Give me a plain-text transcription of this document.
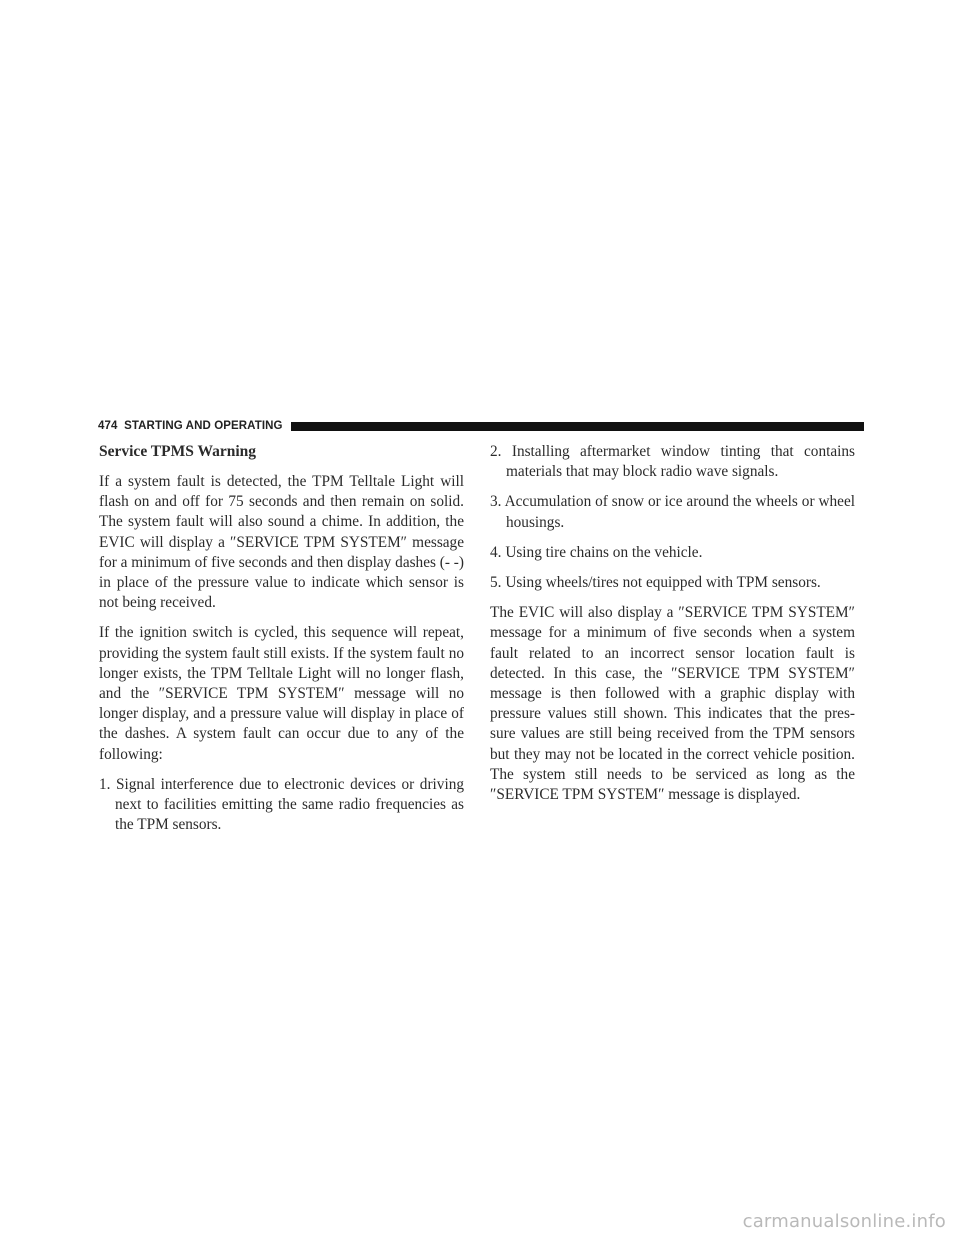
474 STARTING AND OPERATING
Service TPMS Warning

If a system fault is detected, the TPM Telltale Light will flash on and off for 75 seconds and then remain on solid. The system fault will also sound a chime. In addition, the EVIC will display a ″SERVICE TPM SYSTEM″ message for a minimum of five seconds and then display dashes (- -) in place of the pressure value to indicate which sensor is not being received.

If the ignition switch is cycled, this sequence will repeat, providing the system fault still exists. If the system fault no longer exists, the TPM Telltale Light will no longer flash, and the ″SERVICE TPM SYSTEM″ message will no longer display, and a pressure value will display in place of the dashes. A system fault can occur due to any of the following:

1. Signal interference due to electronic devices or driving next to facilities emitting the same radio frequencies as the TPM sensors.
2. Installing aftermarket window tinting that contains materials that may block radio wave signals.
3. Accumulation of snow or ice around the wheels or wheel housings.
4. Using tire chains on the vehicle.
5. Using wheels/tires not equipped with TPM sensors.

The EVIC will also display a ″SERVICE TPM SYSTEM″ message for a minimum of five seconds when a system fault related to an incorrect sensor location fault is detected. In this case, the ″SERVICE TPM SYSTEM″ message is then followed with a graphic display with pressure values still shown. This indicates that the pres-sure values are still being received from the TPM sensors but they may not be located in the correct vehicle position. The system still needs to be serviced as long as the ″SERVICE TPM SYSTEM″ message is displayed.

carmanualsonline.info
